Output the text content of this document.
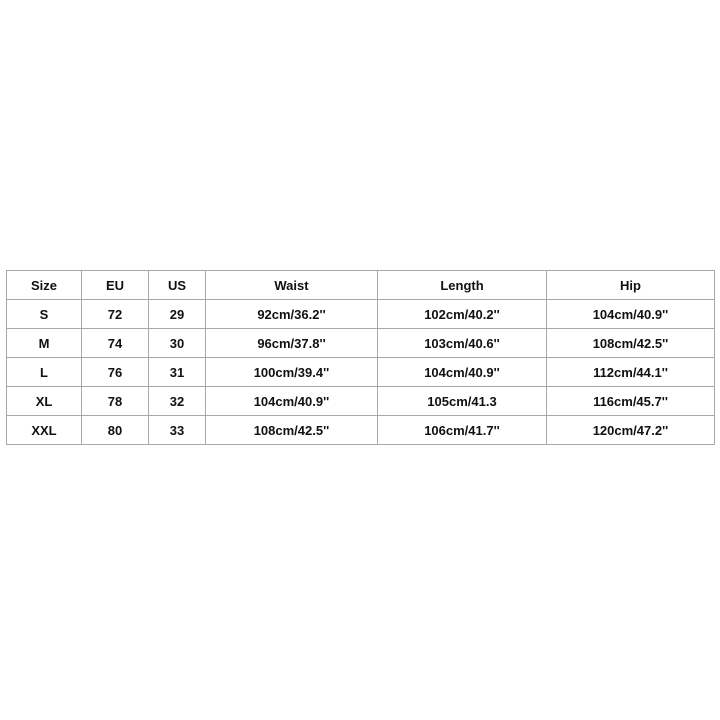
Size	EU	US	Waist	Length	Hip
S	72	29	92cm/36.2''	102cm/40.2''	104cm/40.9''
M	74	30	96cm/37.8''	103cm/40.6''	108cm/42.5''
L	76	31	100cm/39.4''	104cm/40.9''	112cm/44.1''
XL	78	32	104cm/40.9''	105cm/41.3	116cm/45.7''
XXL	80	33	108cm/42.5''	106cm/41.7''	120cm/47.2''
